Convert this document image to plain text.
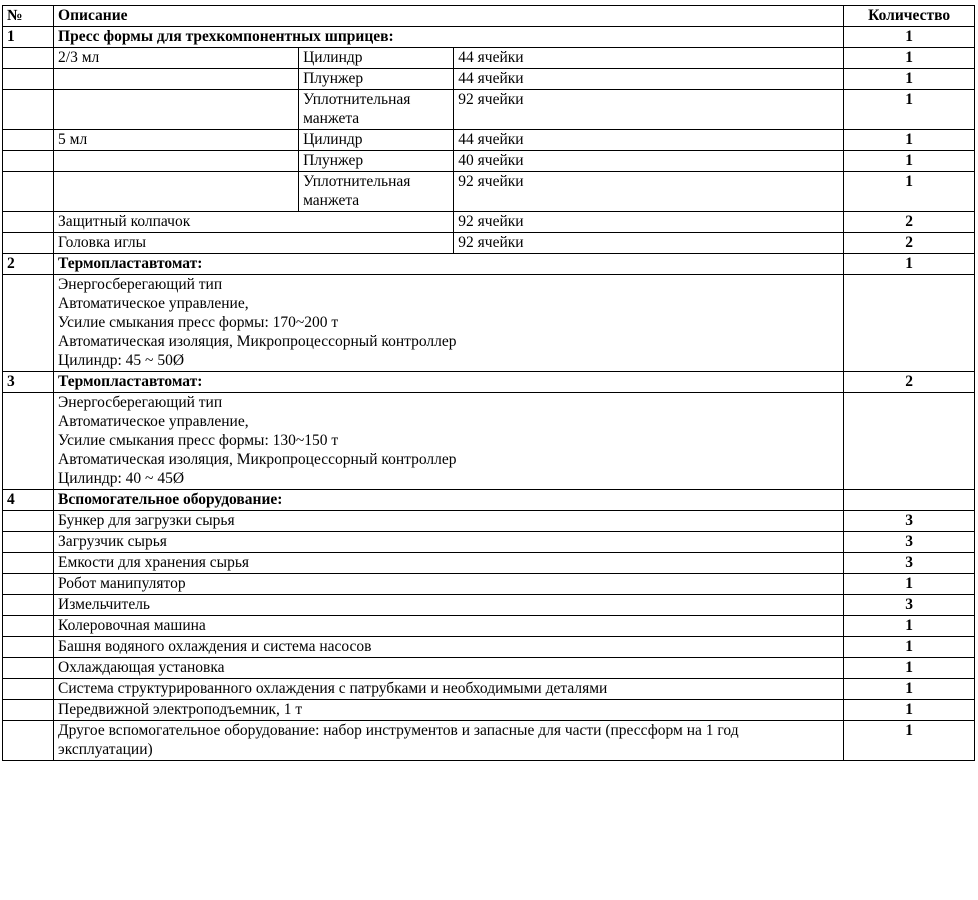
№	Описание			Количество
1	Пресс формы для трехкомпонентных шприцев:			1
	2/3 мл	Цилиндр	44 ячейки	1
		Плунжер	44 ячейки	1
		Уплотнительная манжета	92 ячейки	1
	5 мл	Цилиндр	44 ячейки	1
		Плунжер	40 ячейки	1
		Уплотнительная манжета	92 ячейки	1
	Защитный колпачок		92 ячейки	2
	Головка иглы		92 ячейки	2
2	Термопластавтомат:			1

	Энергосберегающий тип
Автоматическое управление,
Усилие смыкания пресс формы: 170~200 т
Автоматическая изоляция, Микропроцессорный контроллер
Цилиндр: 45 ~ 50Ø			

3	Термопластавтомат:			2

	Энергосберегающий тип
Автоматическое управление,
Усилие смыкания пресс формы: 130~150 т
Автоматическая изоляция, Микропроцессорный контроллер
Цилиндр: 40 ~ 45Ø			

4	Вспомогательное оборудование:			
	Бункер для загрузки сырья			3
	Загрузчик сырья			3
	Емкости для хранения сырья			3
	Робот манипулятор			1
	Измельчитель			3
	Колеровочная машина			1
	Башня водяного охлаждения и система насосов			1
	Охлаждающая установка			1
	Система структурированного охлаждения с патрубками и необходимыми деталями			1
	Передвижной электроподъемник, 1 т			1
	Другое вспомогательное оборудование: набор инструментов и запасные для части (прессформ на 1 год эксплуатации)			1
